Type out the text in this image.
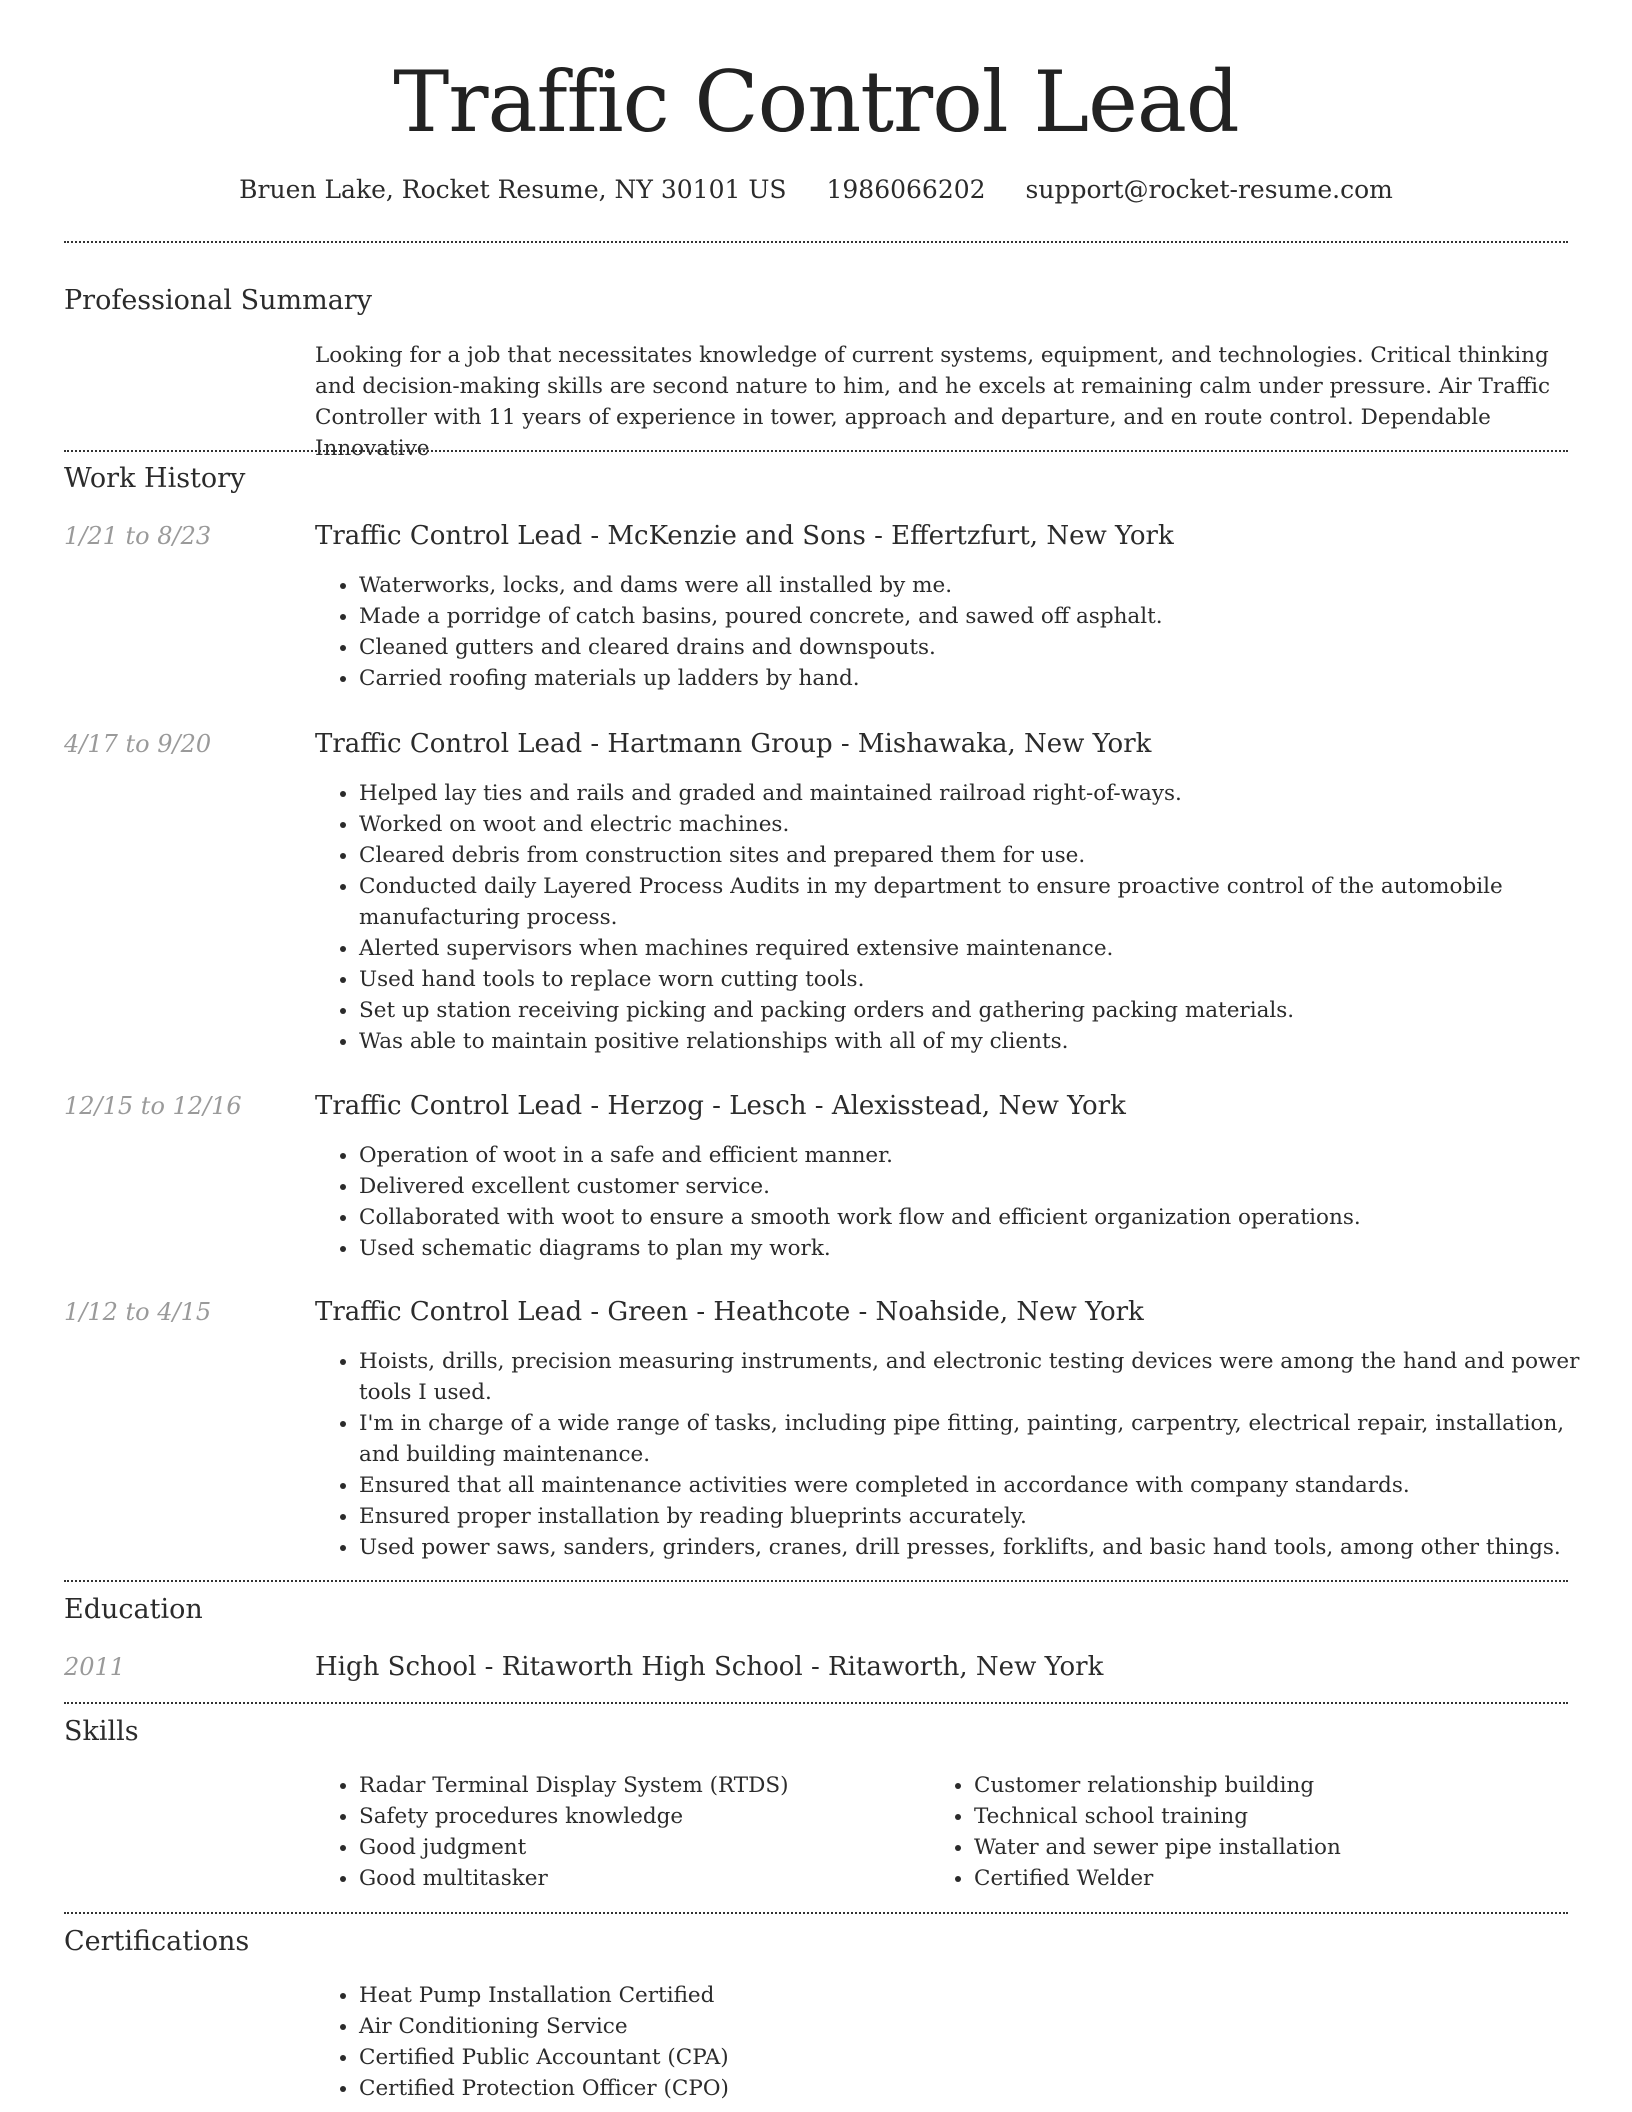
Traffic Control Lead
Bruen Lake, Rocket Resume, NY 30101 US 1986066202 support@rocket-resume.com
Professional Summary

Looking for a job that necessitates knowledge of current systems, equipment, and technologies. Critical thinking and decision-making skills are second nature to him, and he excels at remaining calm under pressure. Air Traffic Controller with 11 years of experience in tower, approach and departure, and en route control. Dependable Innovative

Work History
1/21 to 8/23	Traffic Control Lead - McKenzie and Sons - Effertzfurt, New York
• Waterworks, locks, and dams were all installed by me.
• Made a porridge of catch basins, poured concrete, and sawed off asphalt.
• Cleaned gutters and cleared drains and downspouts.
• Carried roofing materials up ladders by hand.
4/17 to 9/20	Traffic Control Lead - Hartmann Group - Mishawaka, New York
• Helped lay ties and rails and graded and maintained railroad right-of-ways.
• Worked on woot and electric machines.
• Cleared debris from construction sites and prepared them for use.
• Conducted daily Layered Process Audits in my department to ensure proactive control of the automobile manufacturing process.
• Alerted supervisors when machines required extensive maintenance.
• Used hand tools to replace worn cutting tools.
• Set up station receiving picking and packing orders and gathering packing materials.
• Was able to maintain positive relationships with all of my clients.
12/15 to 12/16	Traffic Control Lead - Herzog - Lesch - Alexisstead, New York
• Operation of woot in a safe and efficient manner.
• Delivered excellent customer service.
• Collaborated with woot to ensure a smooth work flow and efficient organization operations.
• Used schematic diagrams to plan my work.
1/12 to 4/15	Traffic Control Lead - Green - Heathcote - Noahside, New York
• Hoists, drills, precision measuring instruments, and electronic testing devices were among the hand and power tools I used.
• I'm in charge of a wide range of tasks, including pipe fitting, painting, carpentry, electrical repair, installation, and building maintenance.
• Ensured that all maintenance activities were completed in accordance with company standards.
• Ensured proper installation by reading blueprints accurately.
• Used power saws, sanders, grinders, cranes, drill presses, forklifts, and basic hand tools, among other things.
Education
2011	High School - Ritaworth High School - Ritaworth, New York
Skills
• Radar Terminal Display System (RTDS)
• Safety procedures knowledge
• Good judgment
• Good multitasker
• Customer relationship building
• Technical school training
• Water and sewer pipe installation
• Certified Welder
Certifications
• Heat Pump Installation Certified
• Air Conditioning Service
• Certified Public Accountant (CPA)
• Certified Protection Officer (CPO)
